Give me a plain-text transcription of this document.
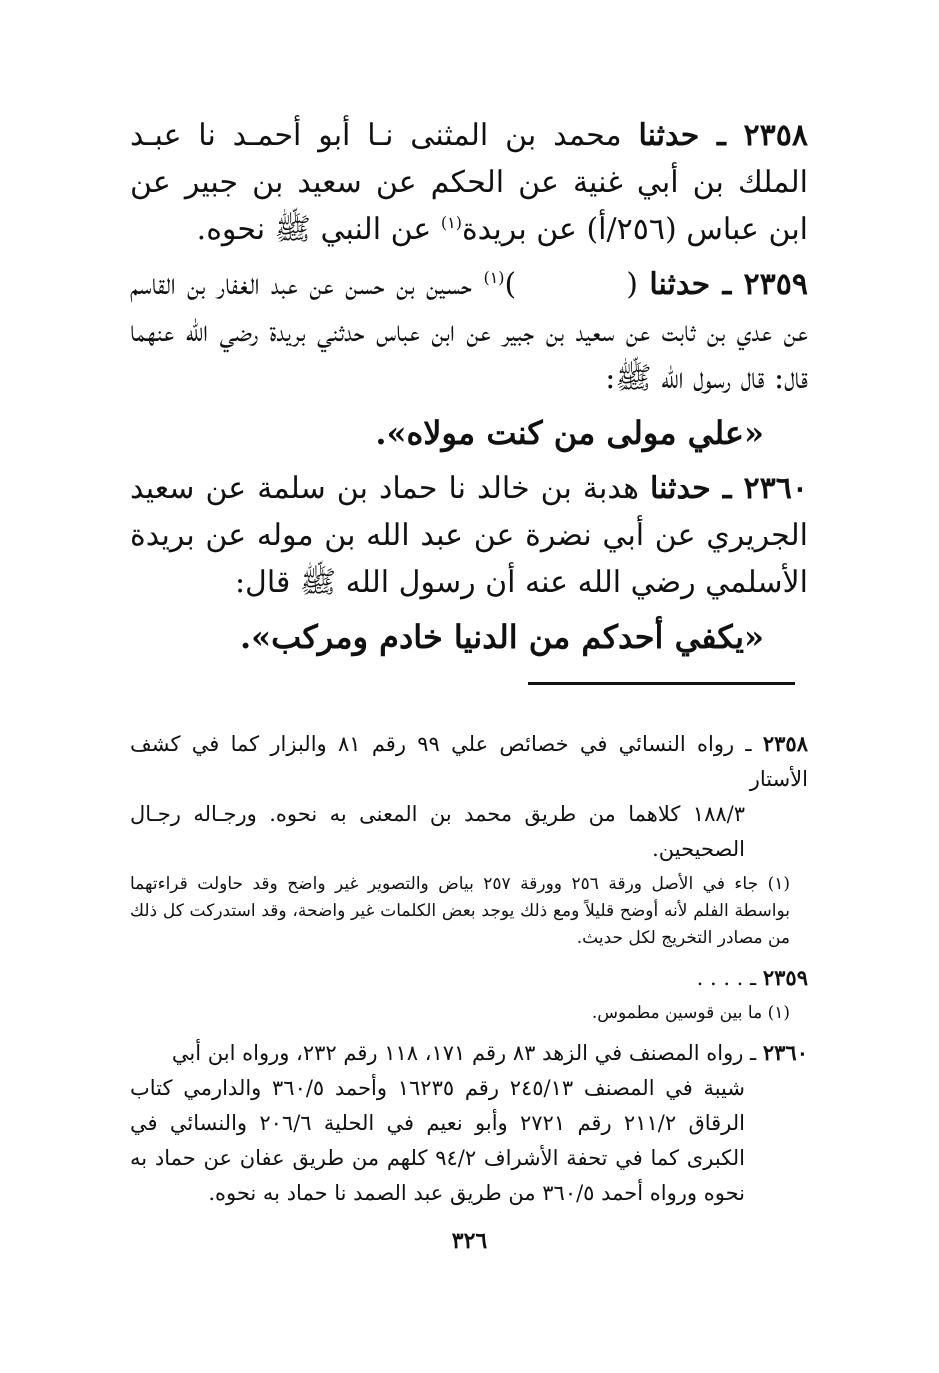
٢٣٥٨ ـ حدثنا محمد بن المثنى نـا أبو أحمـد نا عبـد الملك بن أبي غنية عن الحكم عن سعيد بن جبير عن ابن عباس (٢٥٦/أ) عن بريدة$^{(١)}$ عن النبي ﷺ نحوه.

٢٣٥٩ ـ حدثنا ()$^{(١)}$ حسين بن حسن عن عبد الغفار بن القاسم عن عدي بن ثابت عن سعيد بن جبير عن ابن عباس حدثني بريدة رضي الله عنهما قال: قال رسول الله ﷺ:

«علي مولى من كنت مولاه».

٢٣٦٠ ـ حدثنا هدبة بن خالد نا حماد بن سلمة عن سعيد الجريري عن أبي نضرة عن عبد الله بن موله عن بريدة الأسلمي رضي الله عنه أن رسول الله ﷺ قال:

«يكفي أحدكم من الدنيا خادم ومركب».

٢٣٥٨ ـ رواه النسائي في خصائص علي ٩٩ رقم ٨١ والبزار كما في كشف الأستار
١٨٨/٣ كلاهما من طريق محمد بن المعنى به نحوه. ورجـاله رجـال الصحيحين.
(١) جاء في الأصل ورقة ٢٥٦ وورقة ٢٥٧ بياض والتصوير غير واضح وقد حاولت قراءتهما بواسطة الفلم لأنه أوضح قليلاً ومع ذلك يوجد بعض الكلمات غير واضحة، وقد استدركت كل ذلك من مصادر التخريج لكل حديث.
٢٣٥٩ ـ . . . .
(١) ما بين قوسين مطموس.
٢٣٦٠ ـ رواه المصنف في الزهد ٨٣ رقم ١٧١، ١١٨ رقم ٢٣٢، ورواه ابن أبي
شيبة في المصنف ٢٤٥/١٣ رقم ١٦٢٣٥ وأحمد ٣٦٠/٥ والدارمي كتاب الرقاق ٢١١/٢ رقم ٢٧٢١ وأبو نعيم في الحلية ٢٠٦/٦ والنسائي في الكبرى كما في تحفة الأشراف ٩٤/٢ كلهم من طريق عفان عن حماد به نحوه ورواه أحمد ٣٦٠/٥ من طريق عبد الصمد نا حماد به نحوه.
٣٢٦
